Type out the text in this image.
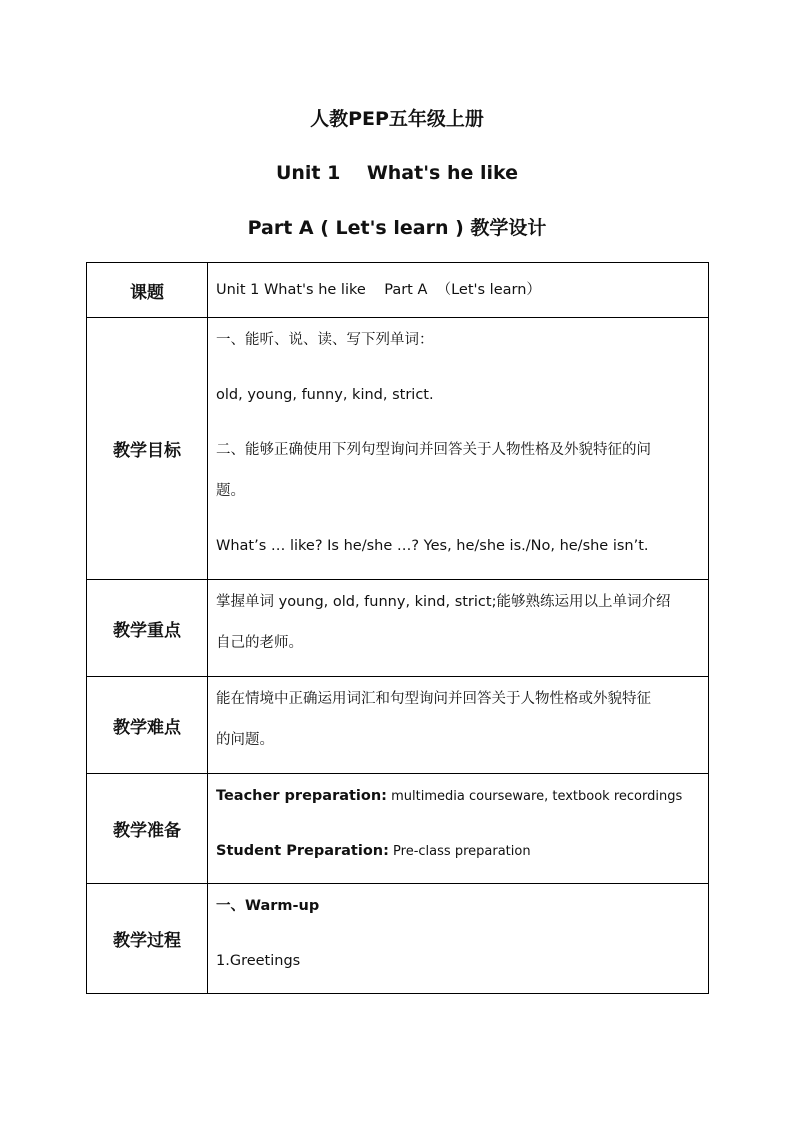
人教PEP五年级上册
Unit 1    What's he like
Part A ( Let's learn ) 教学设计
课题	Unit 1 What's he like    Part A  （Let's learn）

教学目标	一、能听、说、读、写下列单词：

old, young, funny, kind, strict.

二、能够正确使用下列句型询问并回答关于人物性格及外貌特征的问

题。

What’s … like? Is he/she …? Yes, he/she is./No, he/she isn’t.

教学重点	掌握单词 young, old, funny, kind, strict;能够熟练运用以上单词介绍

自己的老师。

教学难点	能在情境中正确运用词汇和句型询问并回答关于人物性格或外貌特征

的问题。

教学准备	Teacher preparation: multimedia courseware, textbook recordings

Student Preparation: Pre-class preparation

教学过程	一、Warm-up

1.Greetings
